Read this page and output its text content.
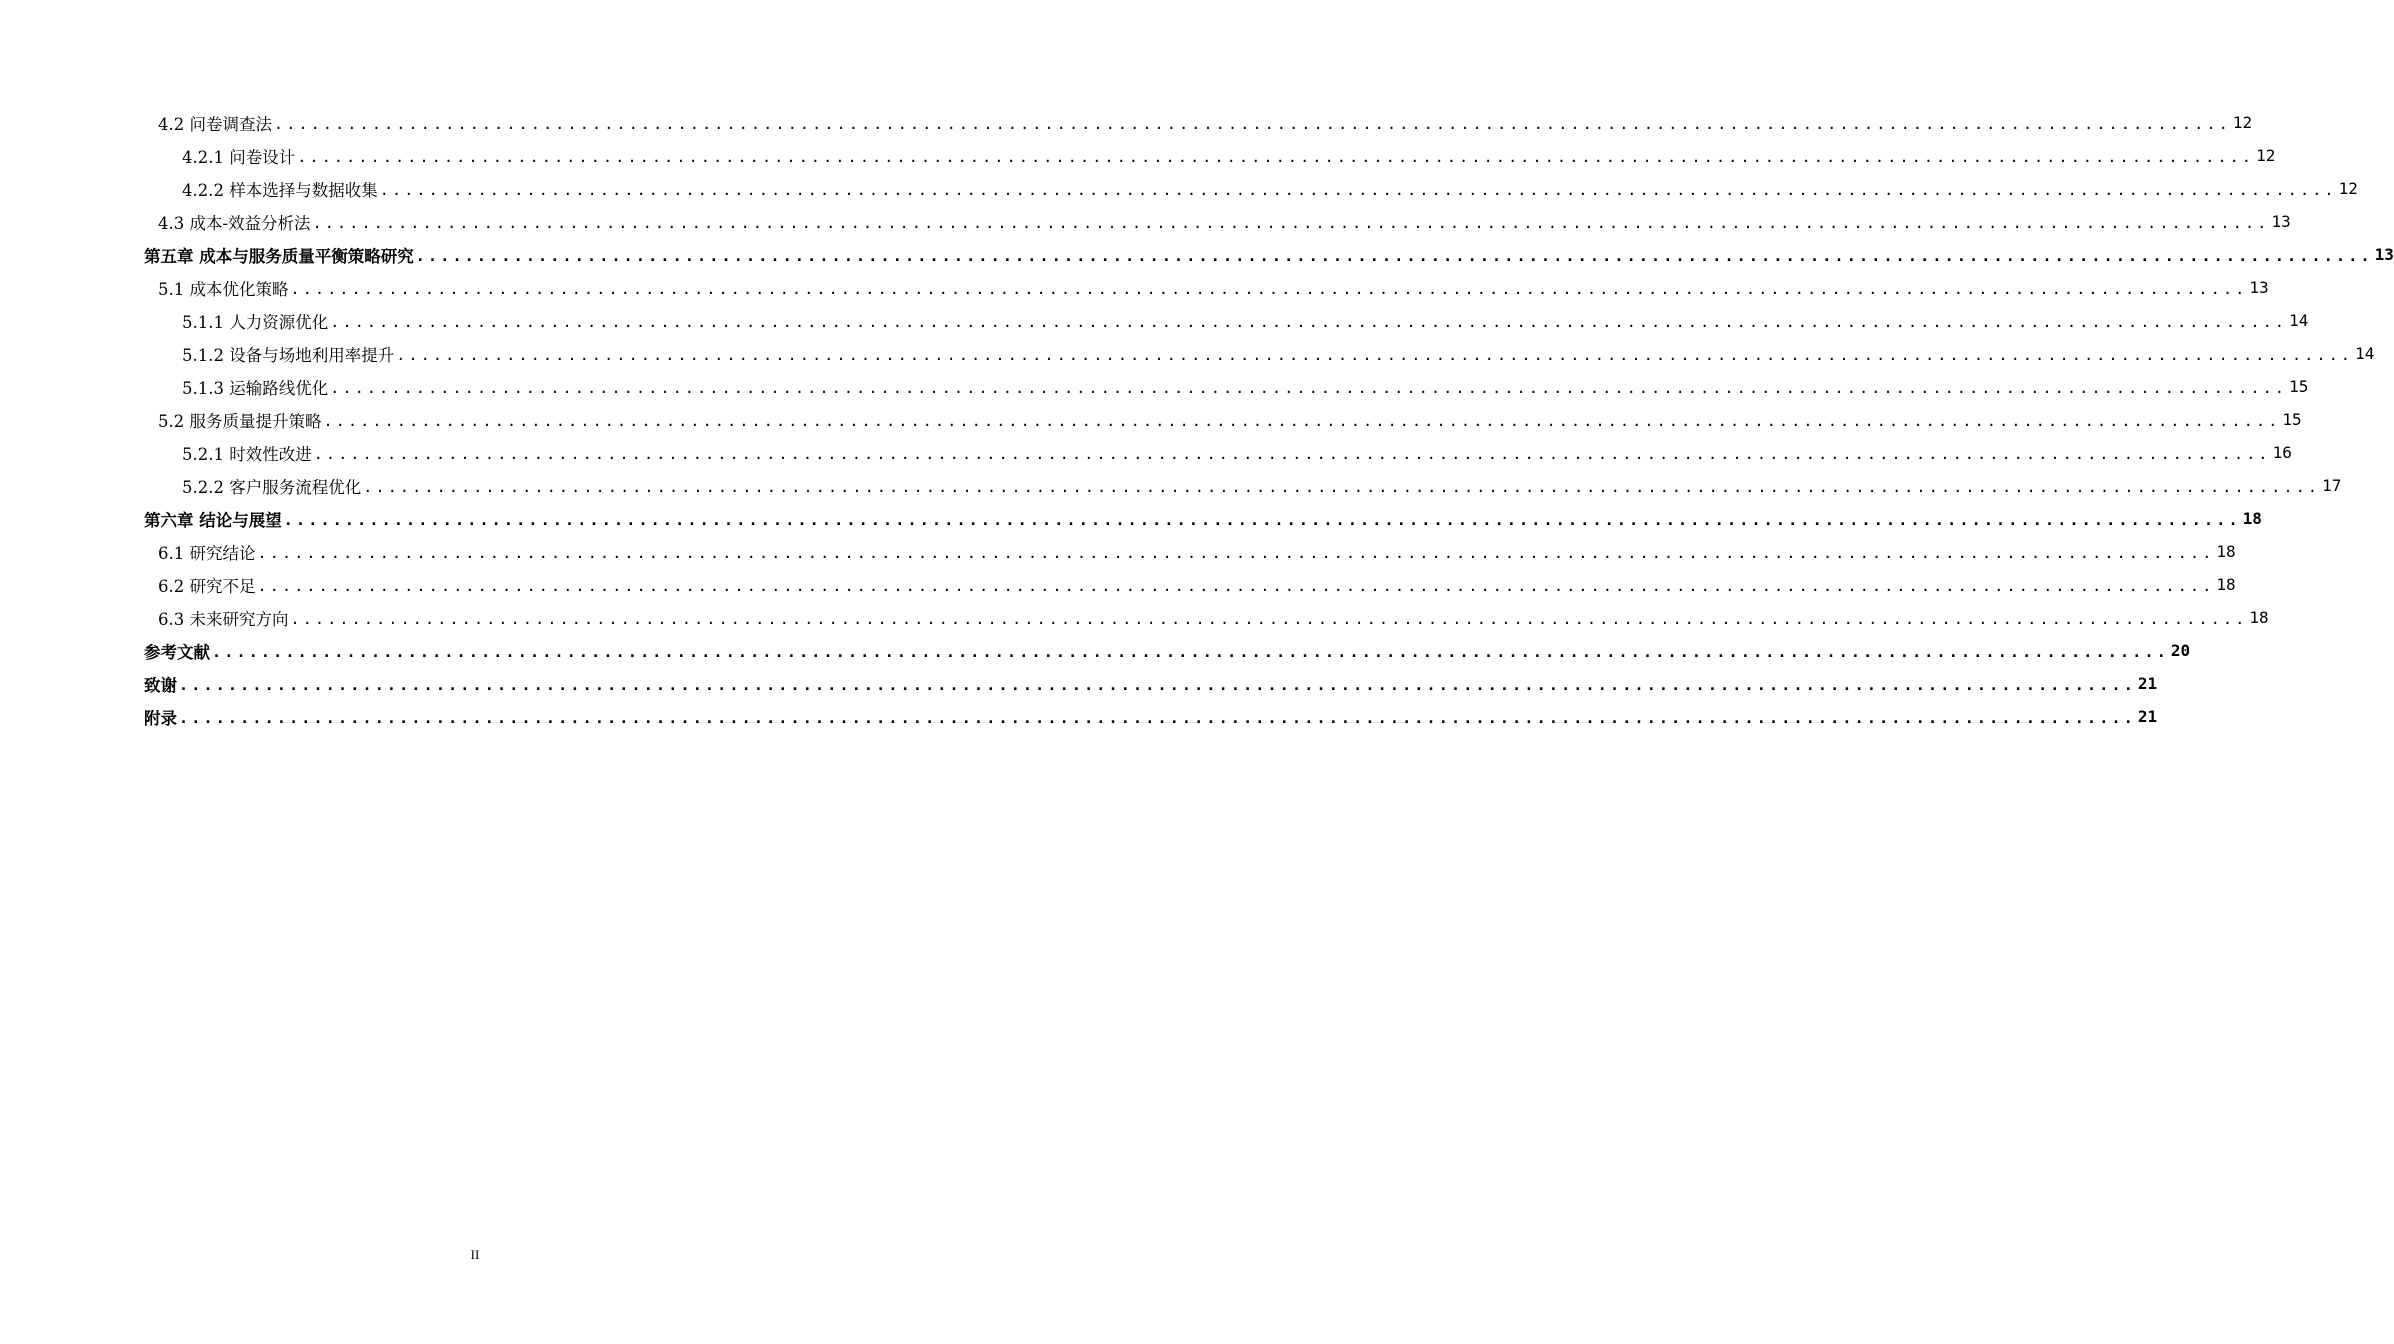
4.2 问卷调查法 ................................................................................................................................................................ 12
4.2.1 问卷设计 ................................................................................................................................................................ 12
4.2.2 样本选择与数据收集 ................................................................................................................................................................ 12
4.3 成本-效益分析法 ................................................................................................................................................................ 13
第五章 成本与服务质量平衡策略研究 ................................................................................................................................................................ 13
5.1 成本优化策略 ................................................................................................................................................................ 13
5.1.1 人力资源优化 ................................................................................................................................................................ 14
5.1.2 设备与场地利用率提升 ................................................................................................................................................................ 14
5.1.3 运输路线优化 ................................................................................................................................................................ 15
5.2 服务质量提升策略 ................................................................................................................................................................ 15
5.2.1 时效性改进 ................................................................................................................................................................ 16
5.2.2 客户服务流程优化 ................................................................................................................................................................ 17
第六章 结论与展望 ................................................................................................................................................................ 18
6.1 研究结论 ................................................................................................................................................................ 18
6.2 研究不足 ................................................................................................................................................................ 18
6.3 未来研究方向 ................................................................................................................................................................ 18
参考文献 ................................................................................................................................................................ 20
致谢 ................................................................................................................................................................ 21
附录 ................................................................................................................................................................ 21
II
